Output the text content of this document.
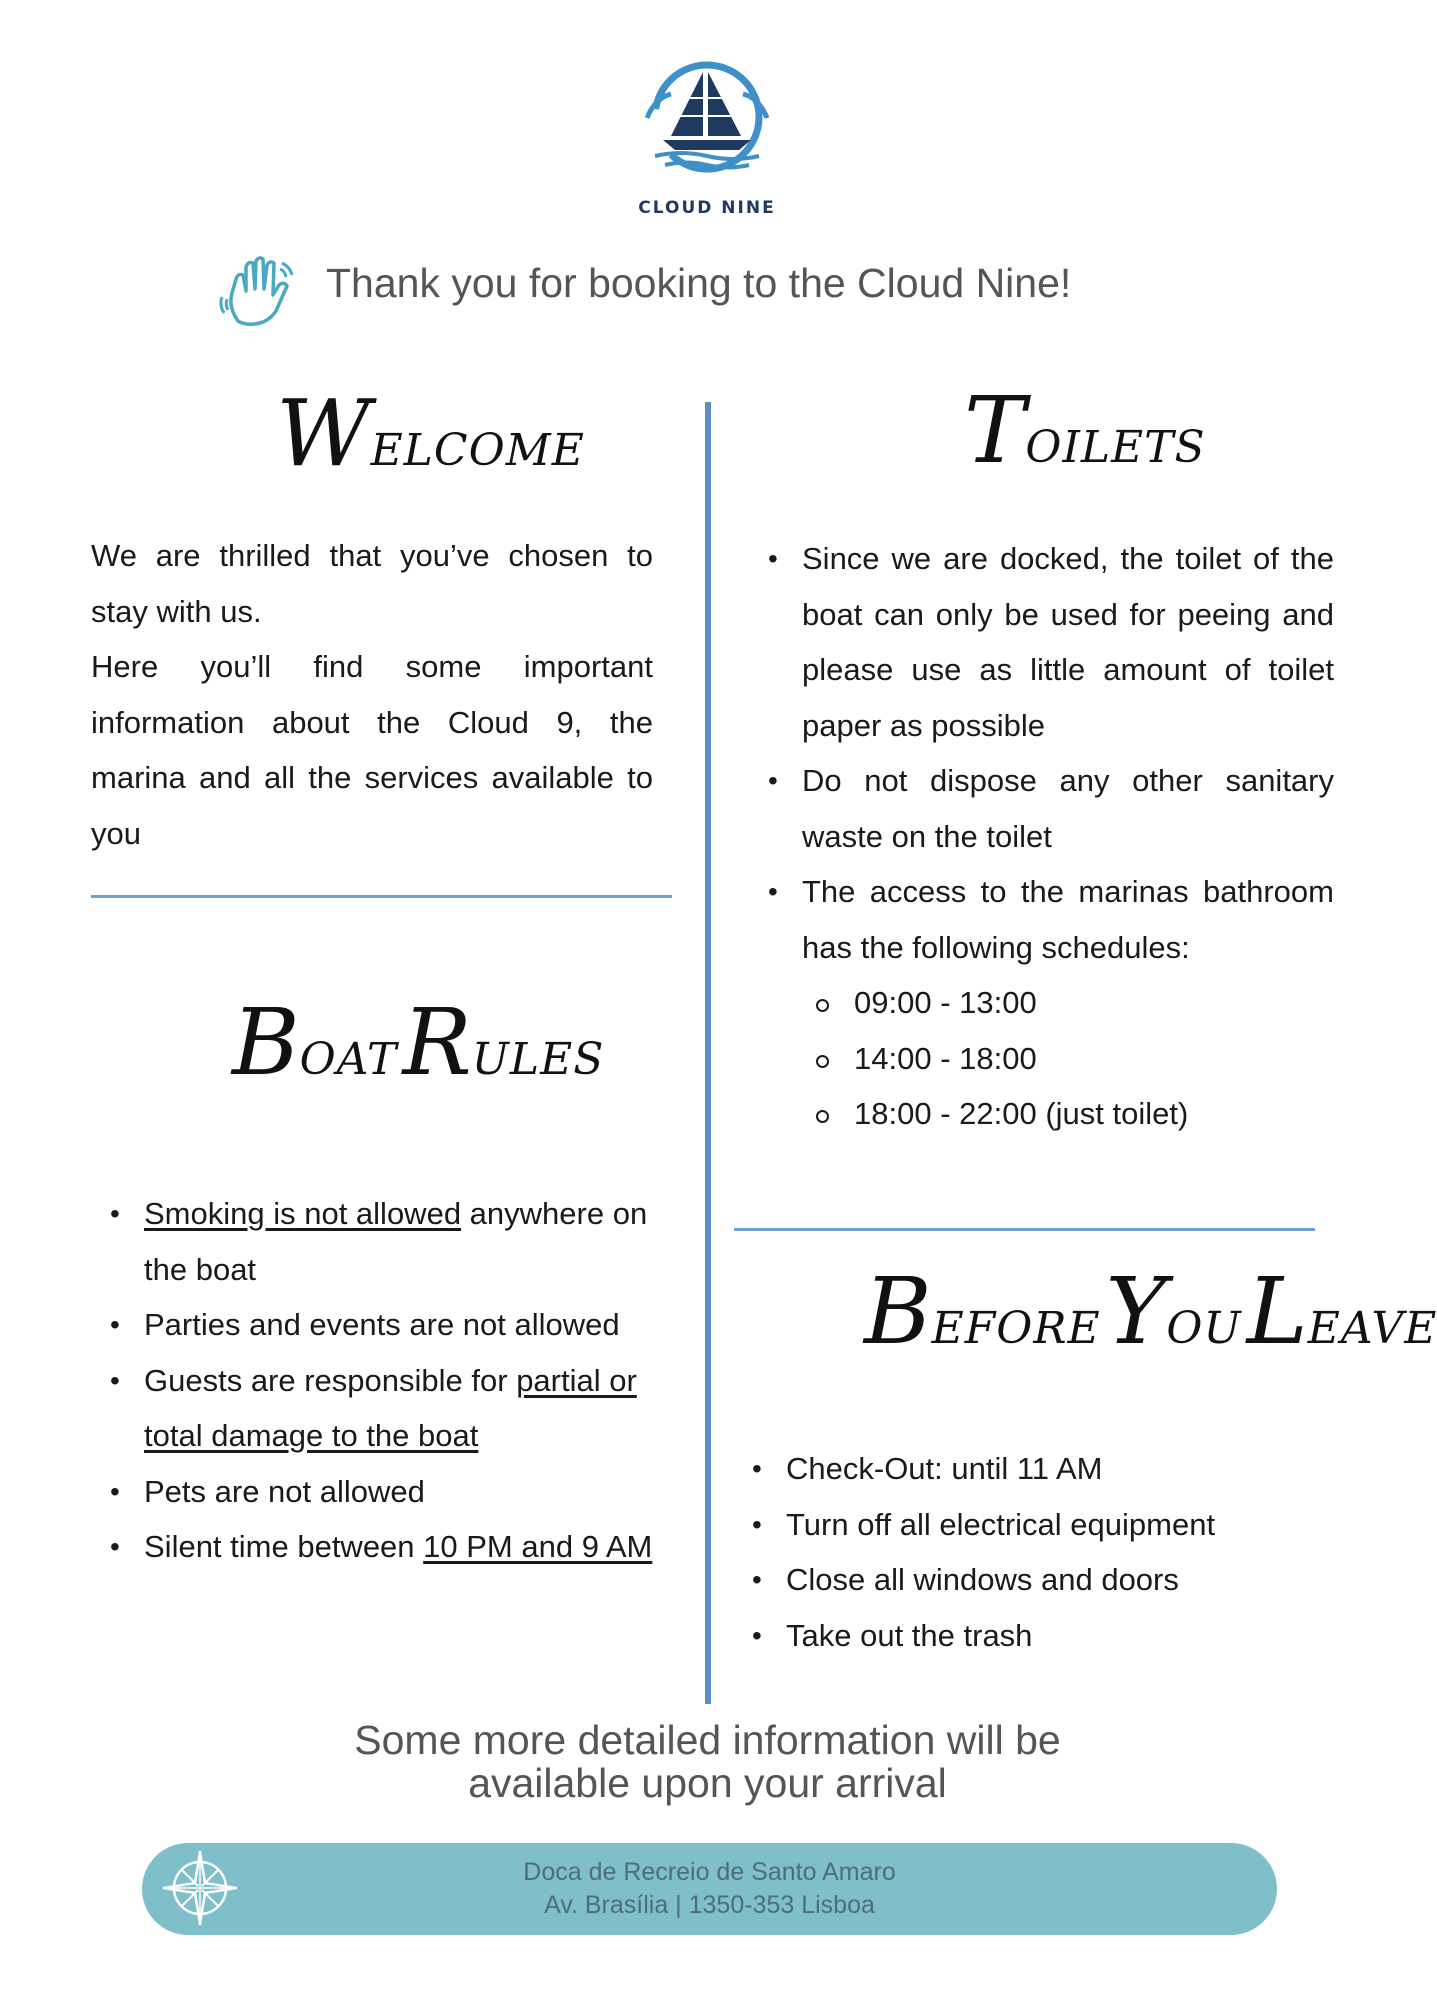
CLOUD NINE
Thank you for booking to the Cloud Nine!
WELCOME
We are thrilled that you’ve chosen to stay with us.
Here you’ll find some important information about the Cloud 9, the marina and all the services available to you
TOILETS
• Since we are docked, the toilet of the boat can only be used for peeing and please use as little amount of toilet paper as possible
• Do not dispose any other sanitary waste on the toilet
• The access to the marinas bathroom has the following schedules:
09:00 - 13:00
14:00 - 18:00
18:00 - 22:00 (just toilet)
BOAT RULES
• Smoking is not allowed anywhere on the boat
• Parties and events are not allowed
• Guests are responsible for partial or total damage to the boat
• Pets are not allowed
• Silent time between 10 PM and 9 AM
BEFORE YOU LEAVE
• Check-Out: until 11 AM
• Turn off all electrical equipment
• Close all windows and doors
• Take out the trash
Some more detailed information will be
available upon your arrival
Doca de Recreio de Santo Amaro
Av. Brasília | 1350-353 Lisboa
